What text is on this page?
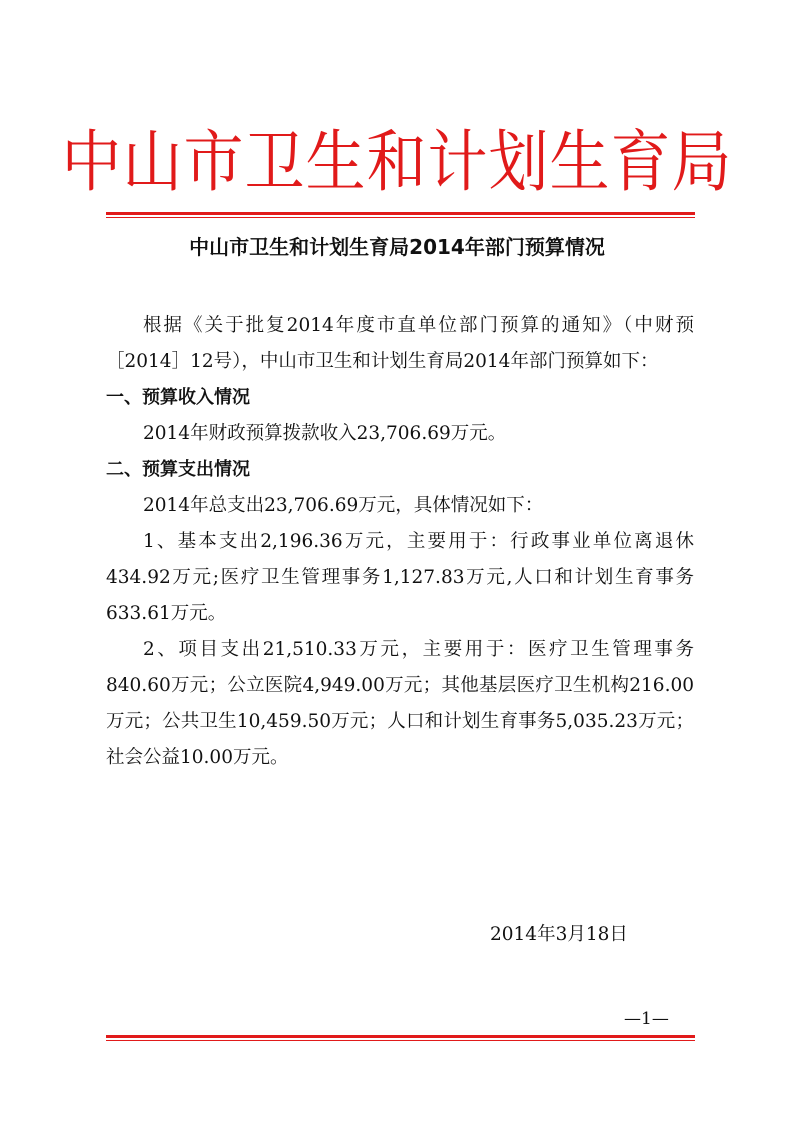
中山市卫生和计划生育局
中山市卫生和计划生育局2014年部门预算情况

根据《关于批复2014年度市直单位部门预算的通知》（中财预［2014］12号），中山市卫生和计划生育局2014年部门预算如下：

一、预算收入情况

2014年财政预算拨款收入23,706.69万元。

二、预算支出情况

2014年总支出23,706.69万元，具体情况如下：

1、基本支出2,196.36万元，主要用于：行政事业单位离退休434.92万元;医疗卫生管理事务1,127.83万元,人口和计划生育事务633.61万元。

2、项目支出21,510.33万元，主要用于：医疗卫生管理事务840.60万元；公立医院4,949.00万元；其他基层医疗卫生机构216.00万元；公共卫生10,459.50万元；人口和计划生育事务5,035.23万元；社会公益10.00万元。

2014年3月18日
—1—
